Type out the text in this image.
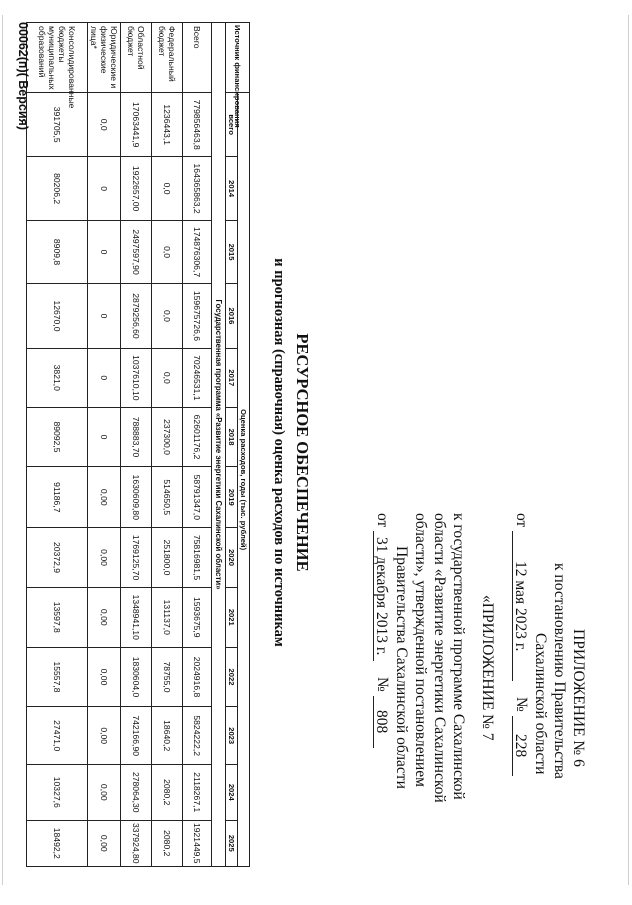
ПРИЛОЖЕНИЕ № 6
к постановлению Правительства
Сахалинской области
от 12 мая 2023 г.  № 228
«ПРИЛОЖЕНИЕ № 7
к государственной программе Сахалинской
области «Развитие энергетики Сахалинской
области», утвержденной постановлением
Правительства Сахалинской области
от 31 декабря 2013 г.  № 808
РЕСУРСНОЕ ОБЕСПЕЧЕНИЕ
и прогнозная (справочная) оценка расходов по источникам
Источник финансирования	Оценка расходов, годы (тыс. рублей)												
	всего	2014	2015	2016	2017	2018	2019	2020	2021	2022	2023	2024	2025
Государственная программа «Развитие энергетики Сахалинской области»													
Всего	779856463,8	164365863,2	174876306,7	159675726,6	70246531,1	62601176,2	58791347,0	75816981,5	1593675,9	2024916,8	5824222,2	2118267,1	1921449,5
Федеральный бюджет	1236443,1	0,0	0,0	0,0	0,0	237300,0	514650,5	251800,0	131137,0	78755,0	18640,2	2080,2	2080,2
Областной бюджет	17063441,9	1922657,00	2497597,90	2879256,60	1037610,10	788883,70	1630609,80	1769125,70	1348941,10	1830604,0	742166,90	278064,30	337924,80
Юридические и физические лица*	0,0	0	0	0	0	0	0,00	0,00	0,00	0,00	0,00	0,00	0,00
Консолидированные бюджеты муниципальных образований	391705,5	80206,2	8909,8	12670,0	3821,0	89092,5	91186,7	20372,9	13597,8	15557,8	27471,0	10327,6	18492,2
00062(п)( Версия)
